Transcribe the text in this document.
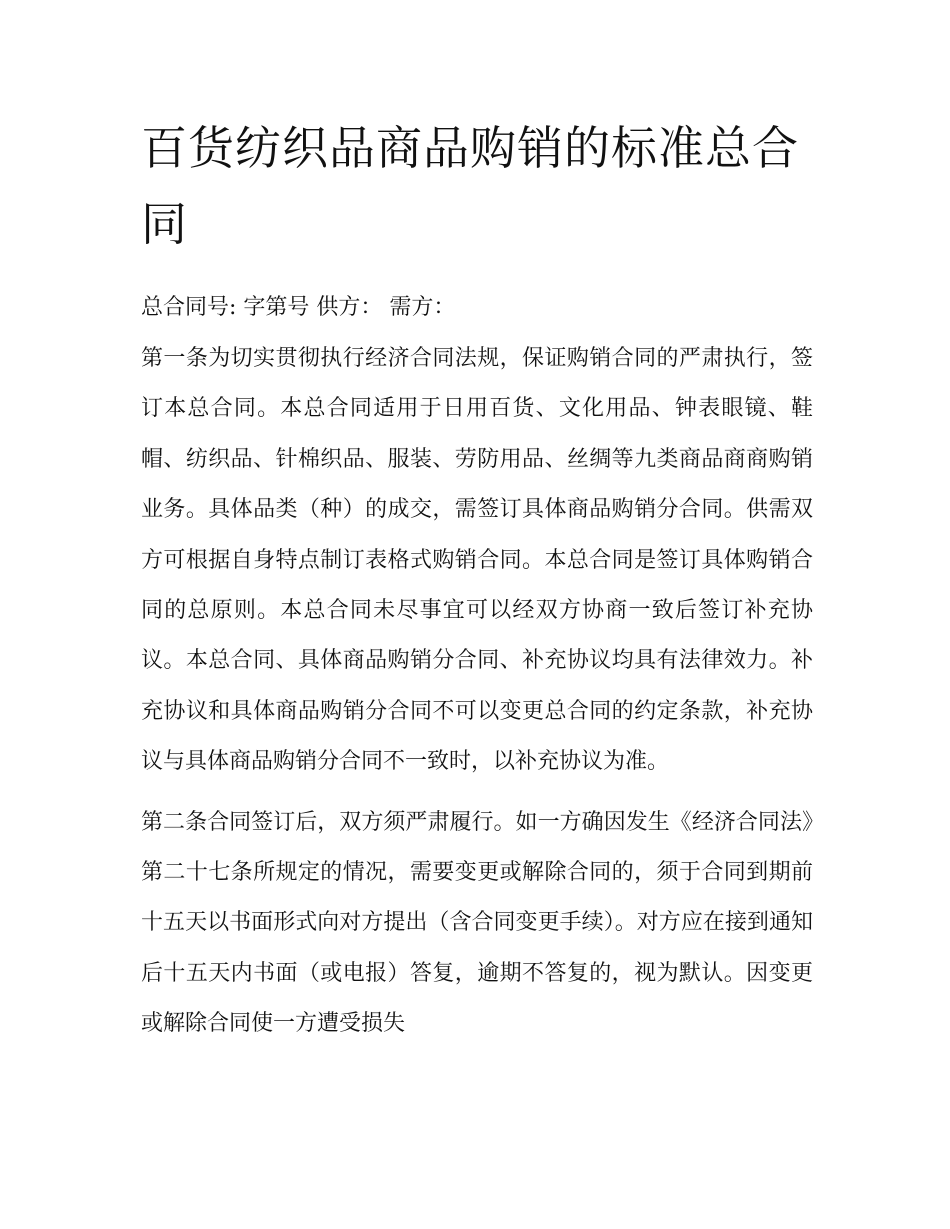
百货纺织品商品购销的标准总合同

总合同号: 字第号 供方： 需方：

第一条为切实贯彻执行经济合同法规，保证购销合同的严肃执行，签订本总合同。本总合同适用于日用百货、文化用品、钟表眼镜、鞋帽、纺织品、针棉织品、服装、劳防用品、丝绸等九类商品商商购销业务。具体品类（种）的成交，需签订具体商品购销分合同。供需双方可根据自身特点制订表格式购销合同。本总合同是签订具体购销合同的总原则。本总合同未尽事宜可以经双方协商一致后签订补充协议。本总合同、具体商品购销分合同、补充协议均具有法律效力。补充协议和具体商品购销分合同不可以变更总合同的约定条款，补充协议与具体商品购销分合同不一致时，以补充协议为准。

第二条合同签订后，双方须严肃履行。如一方确因发生《经济合同法》第二十七条所规定的情况，需要变更或解除合同的，须于合同到期前十五天以书面形式向对方提出（含合同变更手续）。对方应在接到通知后十五天内书面（或电报）答复，逾期不答复的，视为默认。因变更或解除合同使一方遭受损失
